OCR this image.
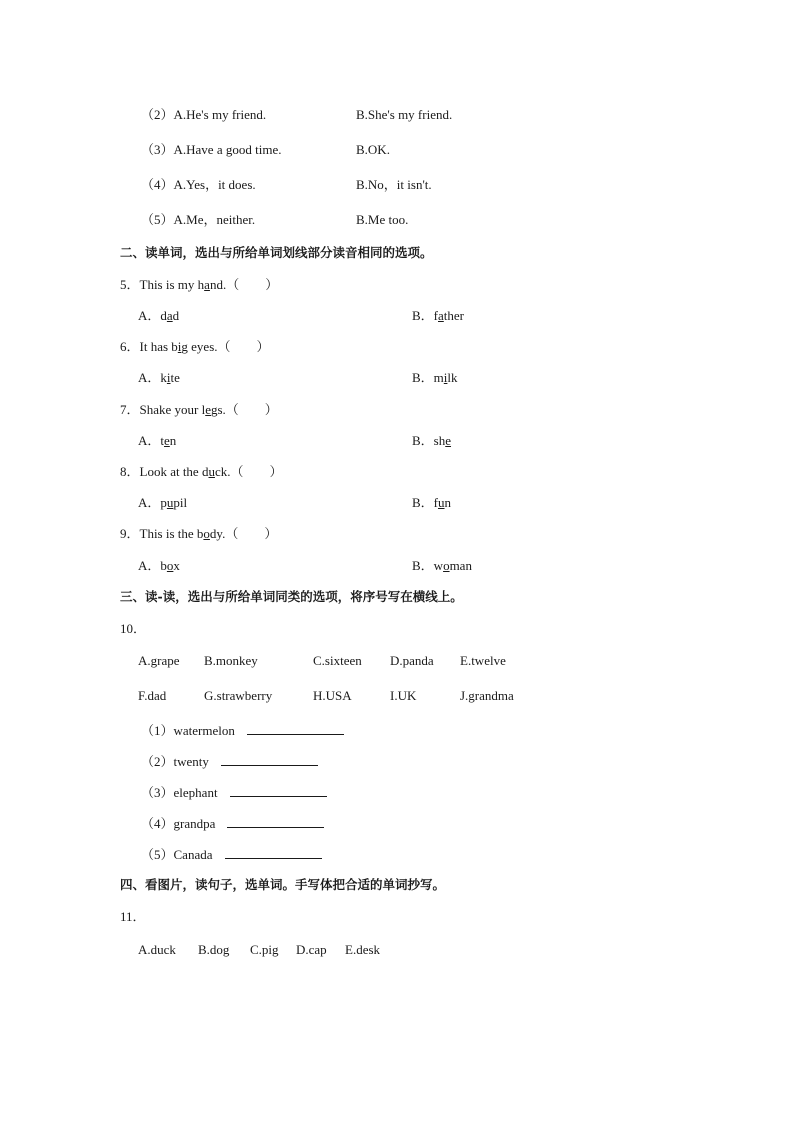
（2）A.He's my friend.	B.She's my friend.
（3）A.Have a good time.	B.OK.
（4）A.Yes，it does.	B.No，it isn't.
（5）A.Me，neither.	B.Me too.
二、读单词，选出与所给单词划线部分读音相同的选项。
5．This is my hand.（　　）
A．dad	B．father
6．It has big eyes.（　　）
A．kite	B．milk
7．Shake your legs.（　　）
A．ten	B．she
8．Look at the duck.（　　）
A．pupil	B．fun
9．This is the body.（　　）
A．box	B．woman
三、读-读，选出与所给单词同类的选项，将序号写在横线上。
10．
A.grape B.monkey	C.sixteen D.panda E.twelve
F.dad	G.strawberry	H.USA	I.UK	J.grandma
（1）watermelon
（2）twenty
（3）elephant
（4）grandpa
（5）Canada
四、看图片，读句子，选单词。手写体把合适的单词抄写。
11．
A.duck B.dog C.pig D.cap E.desk
